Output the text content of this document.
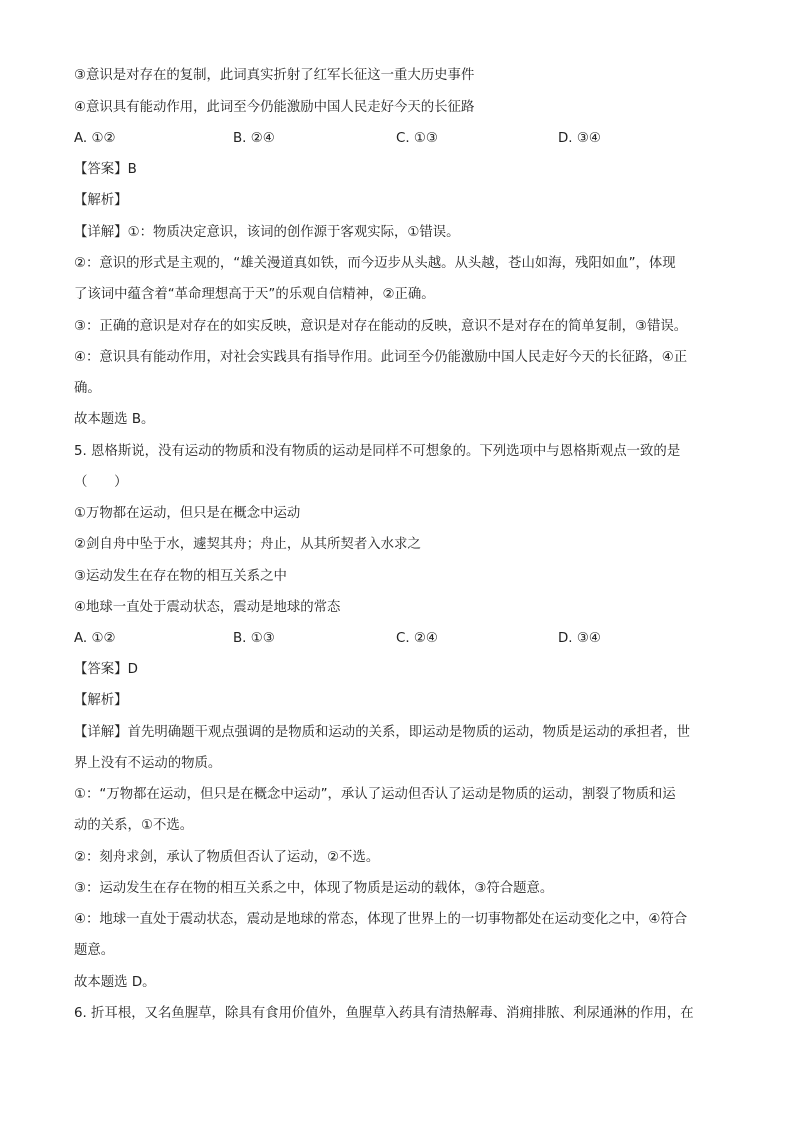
③意识是对存在的复制，此词真实折射了红军长征这一重大历史事件
④意识具有能动作用，此词至今仍能激励中国人民走好今天的长征路
A. ①②	B. ②④	C. ①③	D. ③④
【答案】B
【解析】
【详解】①：物质决定意识，该词的创作源于客观实际，①错误。
②：意识的形式是主观的，“雄关漫道真如铁，而今迈步从头越。从头越，苍山如海，残阳如血”，体现
了该词中蕴含着“革命理想高于天”的乐观自信精神，②正确。
③：正确的意识是对存在的如实反映，意识是对存在能动的反映，意识不是对存在的简单复制，③错误。
④：意识具有能动作用，对社会实践具有指导作用。此词至今仍能激励中国人民走好今天的长征路，④正
确。
故本题选 B。
5. 恩格斯说，没有运动的物质和没有物质的运动是同样不可想象的。下列选项中与恩格斯观点一致的是
（　　）
①万物都在运动，但只是在概念中运动
②剑自舟中坠于水，遽契其舟；舟止，从其所契者入水求之
③运动发生在存在物的相互关系之中
④地球一直处于震动状态，震动是地球的常态
A. ①②	B. ①③	C. ②④	D. ③④
【答案】D
【解析】
【详解】首先明确题干观点强调的是物质和运动的关系，即运动是物质的运动，物质是运动的承担者，世
界上没有不运动的物质。
①：“万物都在运动，但只是在概念中运动”，承认了运动但否认了运动是物质的运动，割裂了物质和运
动的关系，①不选。
②：刻舟求剑，承认了物质但否认了运动，②不选。
③：运动发生在存在物的相互关系之中，体现了物质是运动的载体，③符合题意。
④：地球一直处于震动状态，震动是地球的常态，体现了世界上的一切事物都处在运动变化之中，④符合
题意。
故本题选 D。
6. 折耳根，又名鱼腥草，除具有食用价值外，鱼腥草入药具有清热解毒、消痈排脓、利尿通淋的作用，在
